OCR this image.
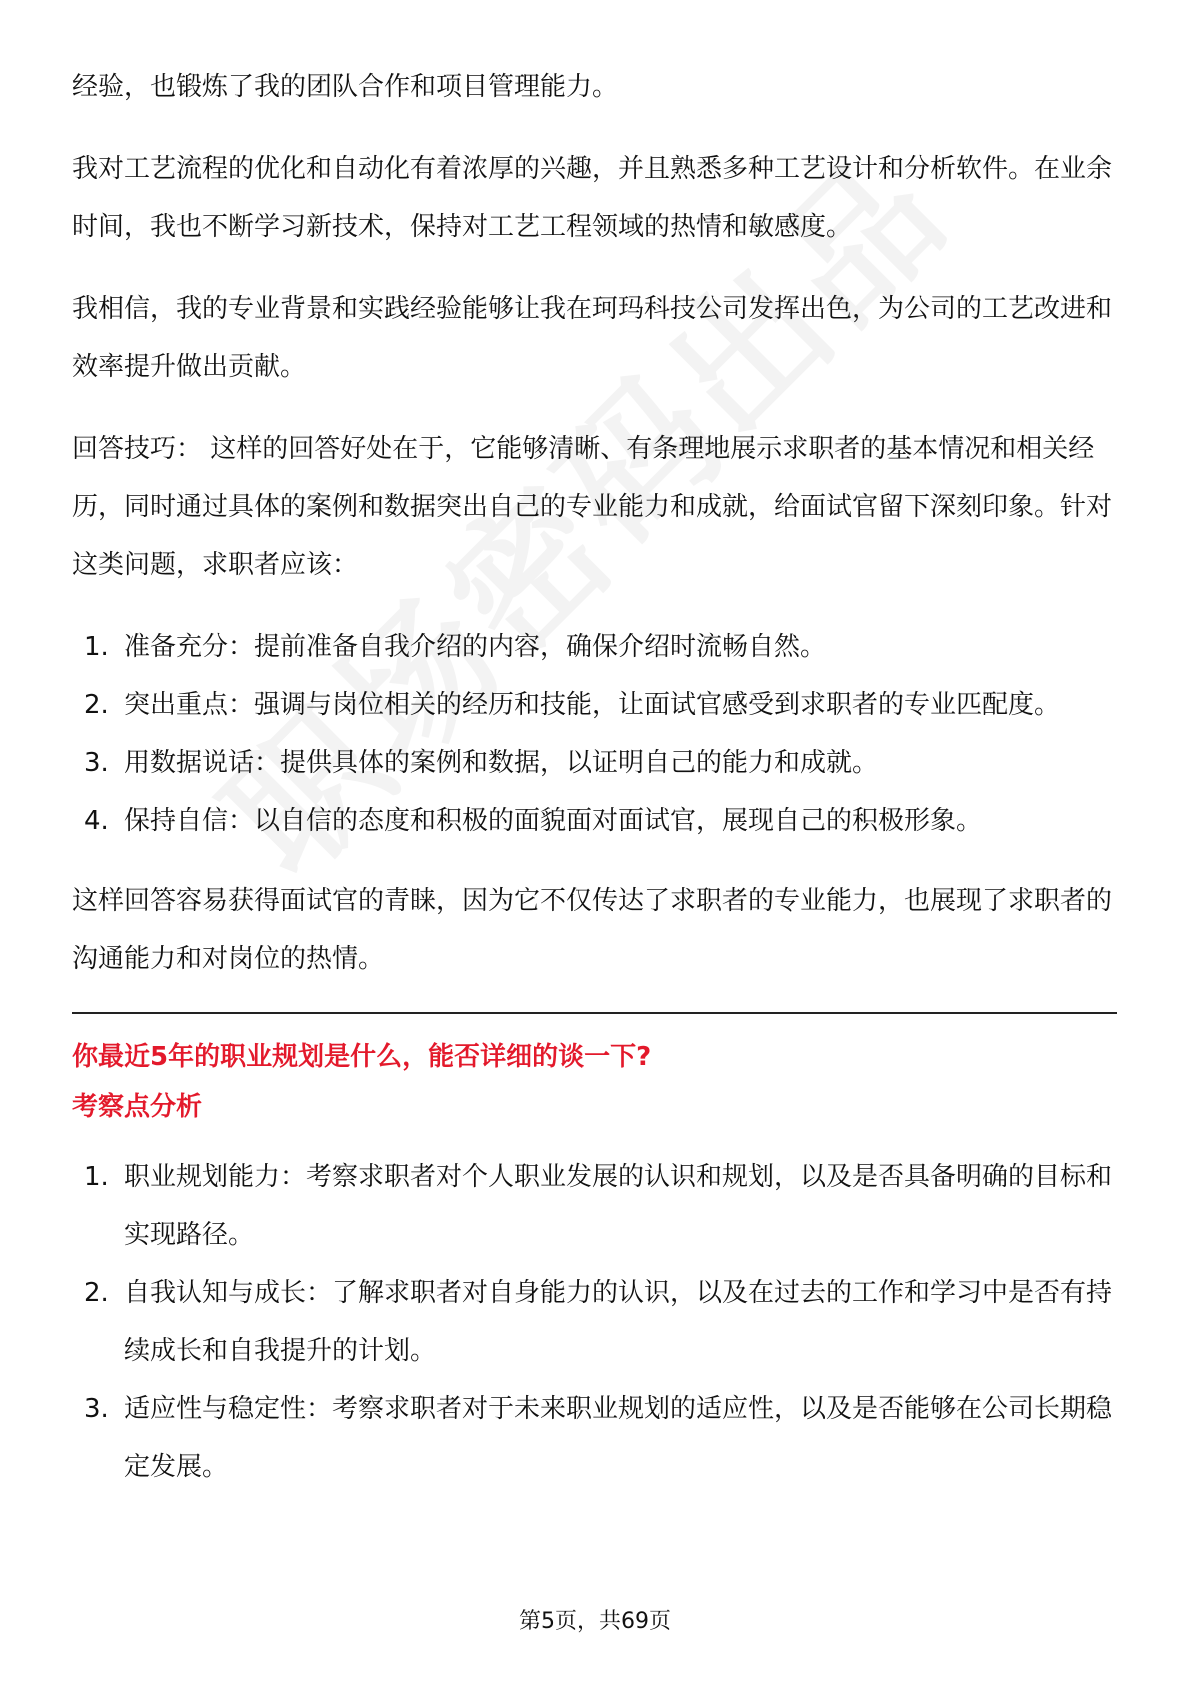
经验，也锻炼了我的团队合作和项目管理能力。

我对工艺流程的优化和自动化有着浓厚的兴趣，并且熟悉多种工艺设计和分析软件。在业余时间，我也不断学习新技术，保持对工艺工程领域的热情和敏感度。

我相信，我的专业背景和实践经验能够让我在珂玛科技公司发挥出色，为公司的工艺改进和效率提升做出贡献。

回答技巧： 这样的回答好处在于，它能够清晰、有条理地展示求职者的基本情况和相关经历，同时通过具体的案例和数据突出自己的专业能力和成就，给面试官留下深刻印象。针对这类问题，求职者应该：

1. 准备充分：提前准备自我介绍的内容，确保介绍时流畅自然。
2. 突出重点：强调与岗位相关的经历和技能，让面试官感受到求职者的专业匹配度。
3. 用数据说话：提供具体的案例和数据，以证明自己的能力和成就。
4. 保持自信：以自信的态度和积极的面貌面对面试官，展现自己的积极形象。

这样回答容易获得面试官的青睐，因为它不仅传达了求职者的专业能力，也展现了求职者的沟通能力和对岗位的热情。

你最近5年的职业规划是什么，能否详细的谈一下?

考察点分析

1. 职业规划能力：考察求职者对个人职业发展的认识和规划，以及是否具备明确的目标和实现路径。
2. 自我认知与成长：了解求职者对自身能力的认识，以及在过去的工作和学习中是否有持续成长和自我提升的计划。
3. 适应性与稳定性：考察求职者对于未来职业规划的适应性，以及是否能够在公司长期稳定发展。
第5页，共69页
